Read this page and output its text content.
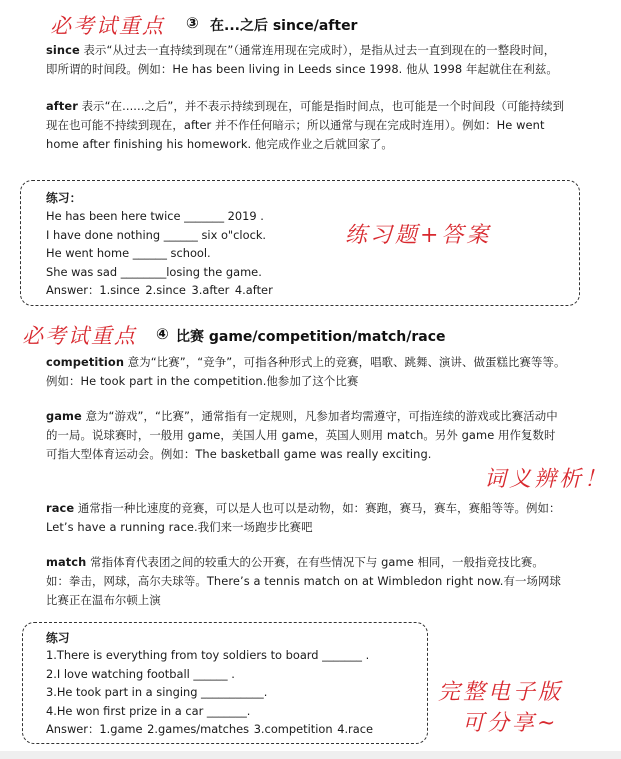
必考试重点 ③ 在...之后 since/after
since 表示“从过去一直持续到现在”（通常连用现在完成时），是指从过去一直到现在的一整段时间，即所谓的时间段。例如：He has been living in Leeds since 1998. 他从 1998 年起就住在利兹。
after 表示“在......之后”，并不表示持续到现在，可能是指时间点，也可能是一个时间段（可能持续到现在也可能不持续到现在，after 并不作任何暗示；所以通常与现在完成时连用）。例如：He went home after finishing his homework. 他完成作业之后就回家了。
练习：
He has been here twice _______ 2019 .
I have done nothing ______ six o"clock.
He went home ______ school.
She was sad ________losing the game.
Answer：1.since 2.since 3.after 4.after
练习题+答案
必考试重点 ④ 比赛 game/competition/match/race
competition 意为“比赛”，“竞争”，可指各种形式上的竞赛，唱歌、跳舞、演讲、做蛋糕比赛等等。例如：He took part in the competition.他参加了这个比赛
game 意为“游戏”，“比赛”，通常指有一定规则，凡参加者均需遵守，可指连续的游戏或比赛活动中的一局。说球赛时，一般用 game，美国人用 game，英国人则用 match。另外 game 用作复数时可指大型体育运动会。例如：The basketball game was really exciting.
词义辨析！
race 通常指一种比速度的竞赛，可以是人也可以是动物，如：赛跑，赛马，赛车，赛船等等。例如：Let’s have a running race.我们来一场跑步比赛吧
match 常指体育代表团之间的较重大的公开赛，在有些情况下与 game 相同，一般指竞技比赛。如：拳击，网球，高尔夫球等。There’s a tennis match on at Wimbledon right now.有一场网球比赛正在温布尔顿上演
练习
1.There is everything from toy soldiers to board _______ .
2.I love watching football ______ .
3.He took part in a singing ___________.
4.He won first prize in a car _______.
Answer：1.game 2.games/matches 3.competition 4.race
完整电子版
可分享~
